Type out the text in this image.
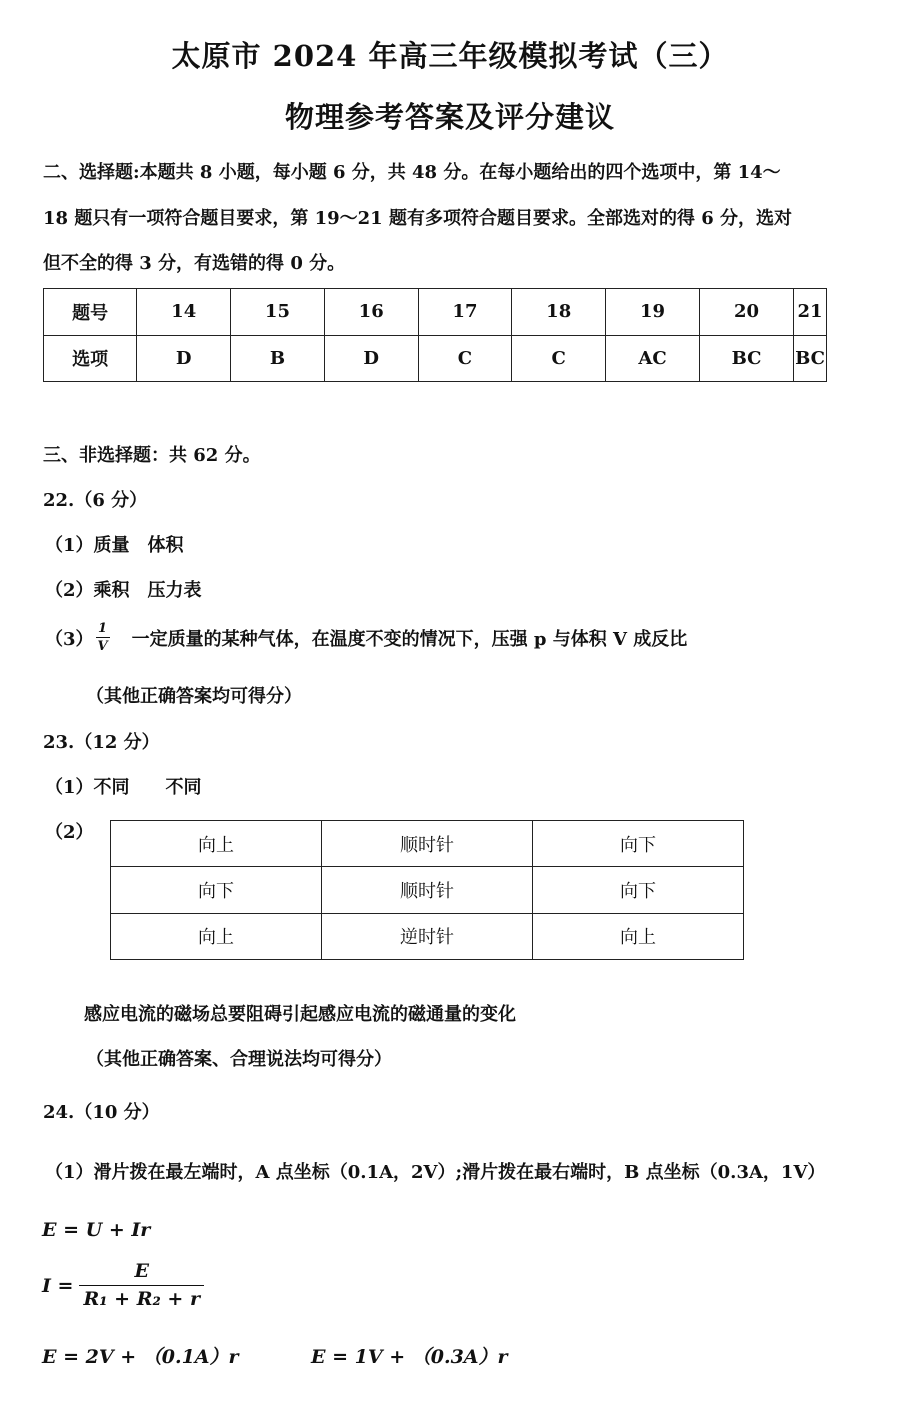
太原市 2024 年高三年级模拟考试（三）
物理参考答案及评分建议
二、选择题:本题共 8 小题，每小题 6 分，共 48 分。在每小题给出的四个选项中，第 14～
18 题只有一项符合题目要求，第 19～21 题有多项符合题目要求。全部选对的得 6 分，选对
但不全的得 3 分，有选错的得 0 分。
题号	14	15	16	17	18	19	20	21
选项	D	B	D	C	C	AC	BC	BC
三、非选择题：共 62 分。
22.（6 分）
（1）质量　体积
（2）乘积　压力表
$(3) \frac{1}{V}$ 一定质量的某种气体，在温度不变的情况下，压强 p 与体积 V 成反比
（其他正确答案均可得分）
23.（12 分）
（1）不同　　不同
（2）
向上	顺时针	向下
向下	顺时针	向下
向上	逆时针	向上
感应电流的磁场总要阻碍引起感应电流的磁通量的变化
（其他正确答案、合理说法均可得分）
24.（10 分）
（1）滑片拨在最左端时，A 点坐标（0.1A，2V）;滑片拨在最右端时，B 点坐标（0.3A，1V）
E = U + Ir
$I = \frac{E}{\text{R₁ + R₂ + r}}$
E = 2V + （0.1A）r	E = 1V + （0.3A）r
